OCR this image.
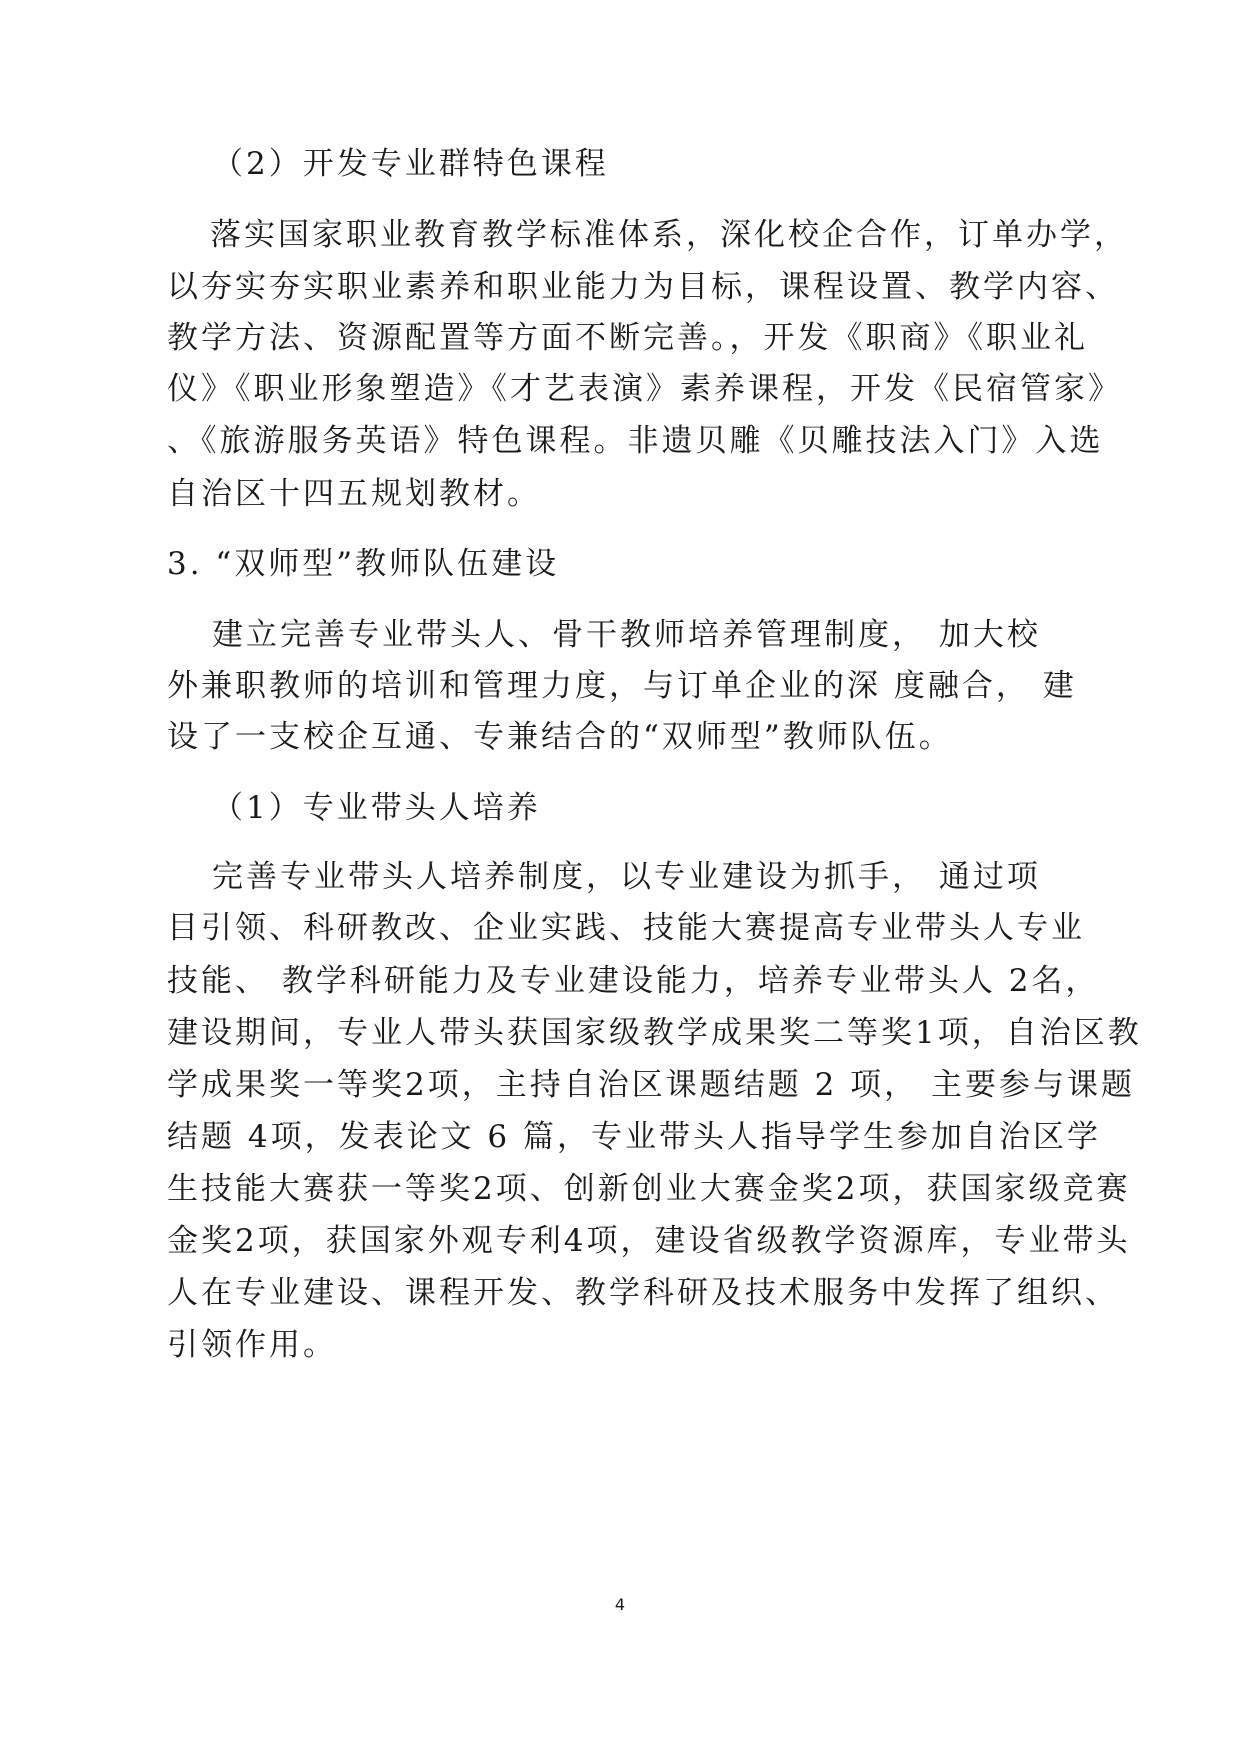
（2）开发专业群特色课程
落实国家职业教育教学标准体系，深化校企合作，订单办学，
以夯实夯实职业素养和职业能力为目标，课程设置、教学内容、
教学方法、资源配置等方面不断完善。，开发《职商》《职业礼
仪》《职业形象塑造》《才艺表演》素养课程，开发《民宿管家》
、《旅游服务英语》特色课程。非遗贝雕《贝雕技法入门》入选
自治区十四五规划教材。
3. “双师型”教师队伍建设
建立完善专业带头人、骨干教师培养管理制度， 加大校
外兼职教师的培训和管理力度，与订单企业的深 度融合， 建
设了一支校企互通、专兼结合的“双师型”教师队伍。
（1）专业带头人培养
完善专业带头人培养制度，以专业建设为抓手， 通过项
目引领、科研教改、企业实践、技能大赛提高专业带头人专业
技能、 教学科研能力及专业建设能力，培养专业带头人 2名，
建设期间，专业人带头获国家级教学成果奖二等奖1项，自治区教
学成果奖一等奖2项，主持自治区课题结题 2 项， 主要参与课题
结题 4项，发表论文 6 篇，专业带头人指导学生参加自治区学
生技能大赛获一等奖2项、创新创业大赛金奖2项，获国家级竞赛
金奖2项，获国家外观专利4项，建设省级教学资源库，专业带头
人在专业建设、课程开发、教学科研及技术服务中发挥了组织、
引领作用。
4
